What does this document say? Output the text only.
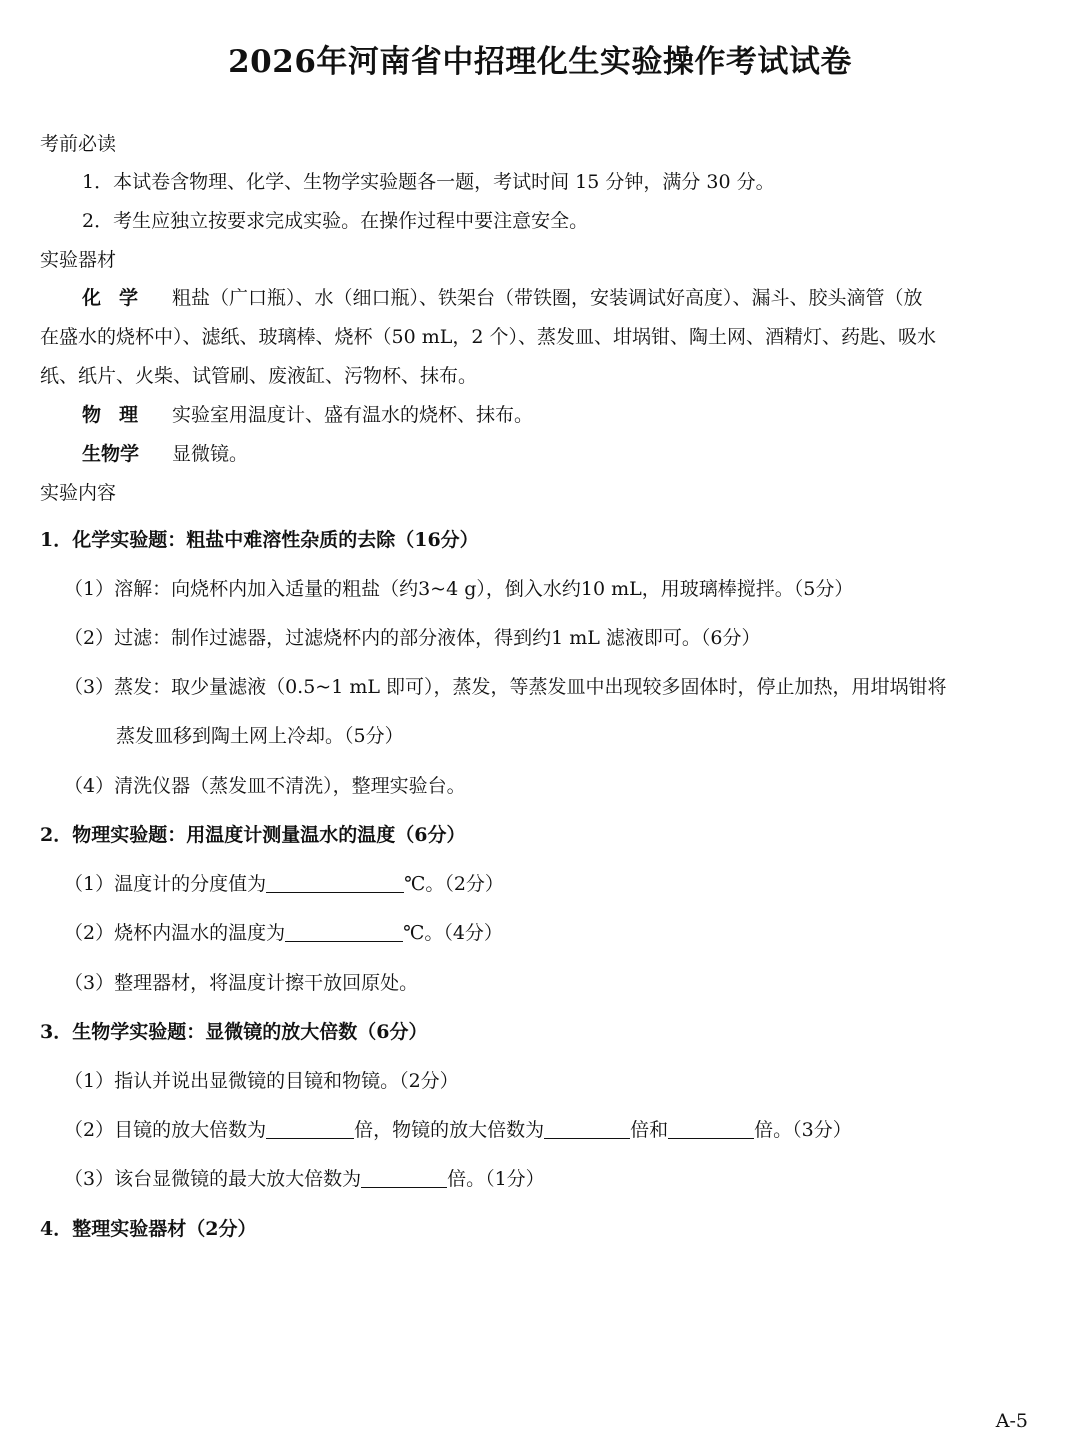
2026年河南省中招理化生实验操作考试试卷
考前必读
1．本试卷含物理、化学、生物学实验题各一题，考试时间 15 分钟，满分 30 分。
2．考生应独立按要求完成实验。在操作过程中要注意安全。
实验器材
化学 粗盐（广口瓶）、水（细口瓶）、铁架台（带铁圈，安装调试好高度）、漏斗、胶头滴管（放
在盛水的烧杯中）、滤纸、玻璃棒、烧杯（50 mL，2 个）、蒸发皿、坩埚钳、陶土网、酒精灯、药匙、吸水
纸、纸片、火柴、试管刷、废液缸、污物杯、抹布。
物理 实验室用温度计、盛有温水的烧杯、抹布。
生物学 显微镜。
实验内容
1．化学实验题：粗盐中难溶性杂质的去除（16分）
（1）溶解：向烧杯内加入适量的粗盐（约3~4 g），倒入水约10 mL，用玻璃棒搅拌。（5分）
（2）过滤：制作过滤器，过滤烧杯内的部分液体，得到约1 mL 滤液即可。（6分）
（3）蒸发：取少量滤液（0.5~1 mL 即可），蒸发，等蒸发皿中出现较多固体时，停止加热，用坩埚钳将
蒸发皿移到陶土网上冷却。（5分）
（4）清洗仪器（蒸发皿不清洗），整理实验台。
2．物理实验题：用温度计测量温水的温度（6分）
（1）温度计的分度值为	℃。（2分）
（2）烧杯内温水的温度为	℃。（4分）
（3）整理器材，将温度计擦干放回原处。
3．生物学实验题：显微镜的放大倍数（6分）
（1）指认并说出显微镜的目镜和物镜。（2分）
（2）目镜的放大倍数为	倍，物镜的放大倍数为	倍和	倍。（3分）
（3）该台显微镜的最大放大倍数为	倍。（1分）
4．整理实验器材（2分）
A-5
